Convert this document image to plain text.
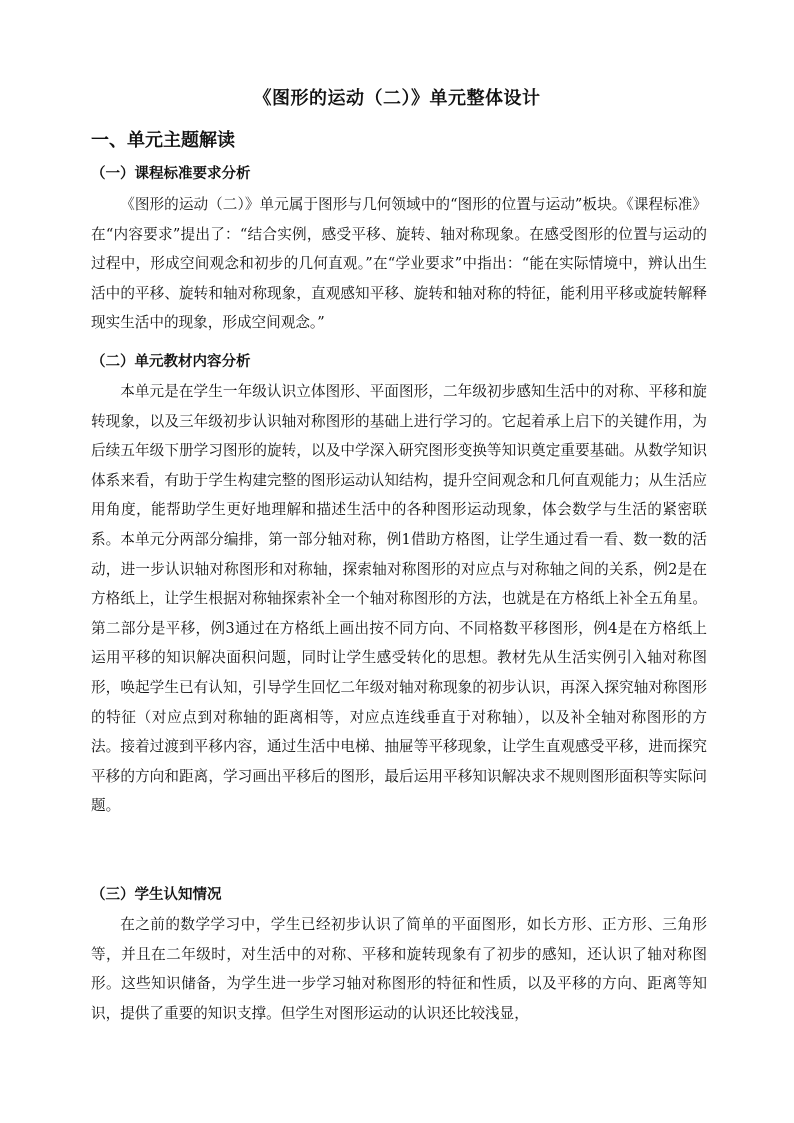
《图形的运动（二）》单元整体设计
一、单元主题解读
（一）课程标准要求分析

《图形的运动（二）》单元属于图形与几何领域中的“图形的位置与运动”板块。《课程标准》在“内容要求”提出了：“结合实例，感受平移、旋转、轴对称现象。在感受图形的位置与运动的过程中，形成空间观念和初步的几何直观。”在“学业要求”中指出：“能在实际情境中，辨认出生活中的平移、旋转和轴对称现象，直观感知平移、旋转和轴对称的特征，能利用平移或旋转解释现实生活中的现象，形成空间观念。”

（二）单元教材内容分析

本单元是在学生一年级认识立体图形、平面图形，二年级初步感知生活中的对称、平移和旋转现象，以及三年级初步认识轴对称图形的基础上进行学习的。它起着承上启下的关键作用，为后续五年级下册学习图形的旋转，以及中学深入研究图形变换等知识奠定重要基础。从数学知识体系来看，有助于学生构建完整的图形运动认知结构，提升空间观念和几何直观能力；从生活应用角度，能帮助学生更好地理解和描述生活中的各种图形运动现象，体会数学与生活的紧密联系。 本单元分两部分编排，第一部分轴对称，例1借助方格图，让学生通过看一看、数一数的活动，进一步认识轴对称图形和对称轴，探索轴对称图形的对应点与对称轴之间的关系，例2是在方格纸上，让学生根据对称轴探索补全一个轴对称图形的方法，也就是在方格纸上补全五角星。第二部分是平移，例3通过在方格纸上画出按不同方向、不同格数平移图形，例4是在方格纸上运用平移的知识解决面积问题，同时让学生感受转化的思想。教材先从生活实例引入轴对称图形，唤起学生已有认知，引导学生回忆二年级对轴对称现象的初步认识，再深入探究轴对称图形的特征（对应点到对称轴的距离相等，对应点连线垂直于对称轴），以及补全轴对称图形的方法。接着过渡到平移内容，通过生活中电梯、抽屉等平移现象，让学生直观感受平移，进而探究平移的方向和距离，学习画出平移后的图形，最后运用平移知识解决求不规则图形面积等实际问题。

（三）学生认知情况

在之前的数学学习中，学生已经初步认识了简单的平面图形，如长方形、正方形、三角形等，并且在二年级时，对生活中的对称、平移和旋转现象有了初步的感知，还认识了轴对称图形。这些知识储备，为学生进一步学习轴对称图形的特征和性质，以及平移的方向、距离等知识，提供了重要的知识支撑。但学生对图形运动的认识还比较浅显，
